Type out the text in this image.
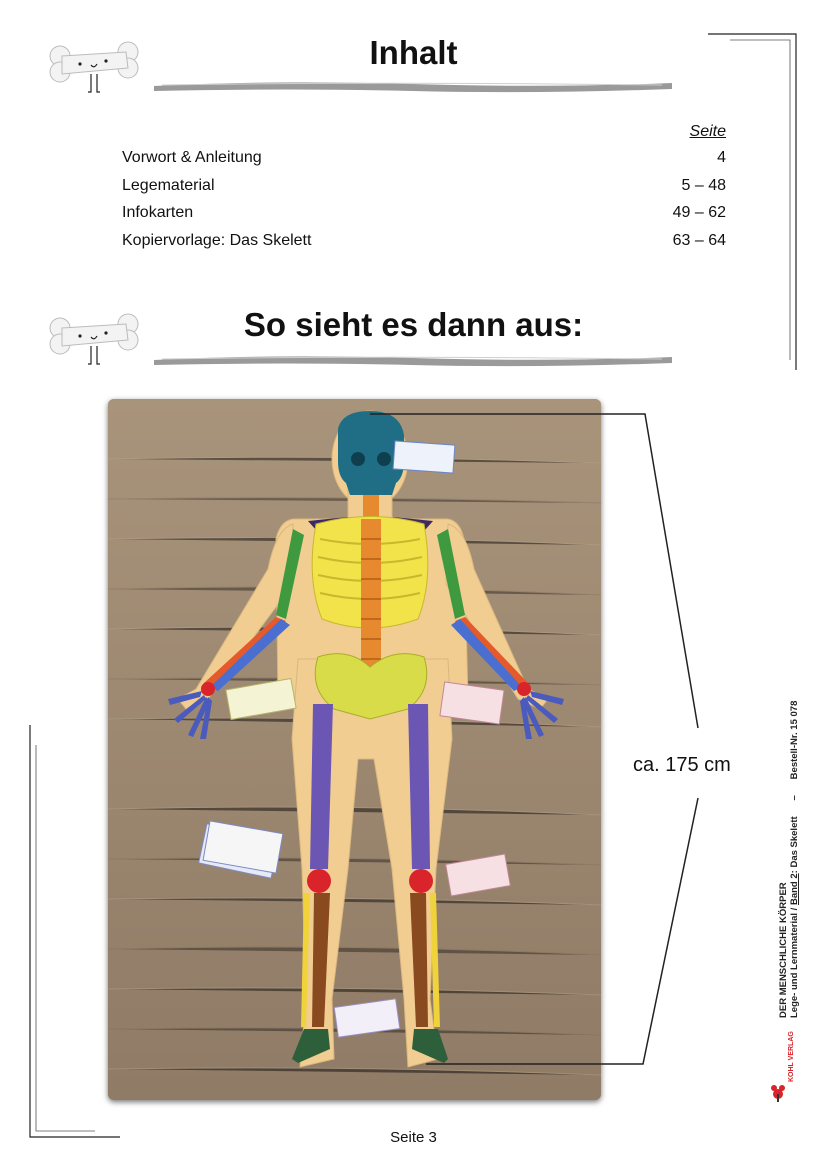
Inhalt
Seite
Vorwort & Anleitung	4
Legematerial	5 – 48
Infokarten	49 – 62
Kopiervorlage: Das Skelett	63 – 64
So sieht es dann aus:
ca. 175 cm
DER MENSCHLICHE KÖRPER Lege- und Lernmaterial / Band 2: Das Skelett      –      Bestell-Nr. 15 078
KOHL VERLAG
Seite 3
